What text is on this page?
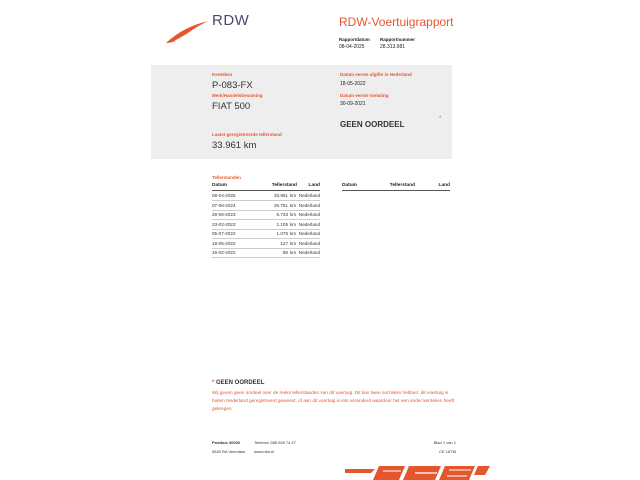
RDW	RDW-Voertuigrapport
Rapportdatum
08-04-2025
Rapportnummer
28.313.981
Kenteken
P-083-FX
Merk/Handelsbenaming
FIAT 500
Laatst geregistreerde tellerstand
33.961 km
Datum eerste afgifte in Nederland
18-05-2022
Datum eerste toelating
30-09-2021
GEEN OORDEEL
*
Tellerstanden
Datum	Tellerstand	Land	Datum	Tellerstand	Land
08-04-2025	33.961 km Nederland
07-08-2024	26.751 km Nederland
28-06-2023	6.733 km Nederland
23-02-2023	1.105 km Nederland
05-07-2022	1.075 km Nederland
18-05-2022	127 km Nederland
16-02-2022	88 km Nederland
* GEEN OORDEEL
Wij geven geen oordeel over de reeks tellerstanden van dit voertuig. Dit kan twee oorzaken hebben: dit voertuig is buiten Nederland geregistreerd geweest, of aan dit voertuig is iets veranderd waardoor het een ander kenteken heeft gekregen.
Postbus 30000	Telefoon 088 008 74 47
9640 RA Veendam www.rdw.nl
Blad 1 van 1
CE 16TM
